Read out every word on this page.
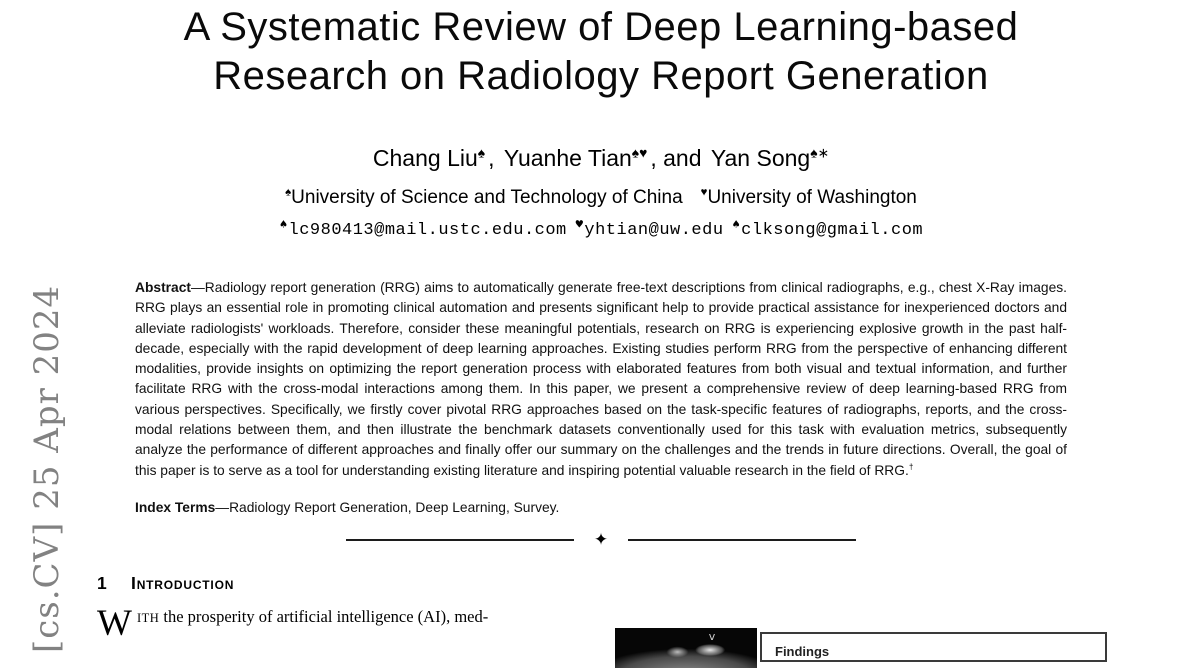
[cs.CV] 25 Apr 2024
A Systematic Review of Deep Learning-based
Research on Radiology Report Generation
Chang Liu♠ , Yuanhe Tian♠♥ , and Yan Song♠∗
♠University of Science and Technology of China ♥University of Washington
♠lc980413@mail.ustc.edu.com ♥yhtian@uw.edu ♠clksong@gmail.com

Abstract—Radiology report generation (RRG) aims to automatically generate free-text descriptions from clinical radiographs, e.g., chest X-Ray images. RRG plays an essential role in promoting clinical automation and presents significant help to provide practical assistance for inexperienced doctors and alleviate radiologists' workloads. Therefore, consider these meaningful potentials, research on RRG is experiencing explosive growth in the past half-decade, especially with the rapid development of deep learning approaches. Existing studies perform RRG from the perspective of enhancing different modalities, provide insights on optimizing the report generation process with elaborated features from both visual and textual information, and further facilitate RRG with the cross-modal interactions among them. In this paper, we present a comprehensive review of deep learning-based RRG from various perspectives. Specifically, we firstly cover pivotal RRG approaches based on the task-specific features of radiographs, reports, and the cross-modal relations between them, and then illustrate the benchmark datasets conventionally used for this task with evaluation metrics, subsequently analyze the performance of different approaches and finally offer our summary on the challenges and the trends in future directions. Overall, the goal of this paper is to serve as a tool for understanding existing literature and inspiring potential valuable research in the field of RRG.†

Index Terms—Radiology Report Generation, Deep Learning, Survey.

✦
1 Introduction

WITH the prosperity of artificial intelligence (AI), med-

v
Findings
